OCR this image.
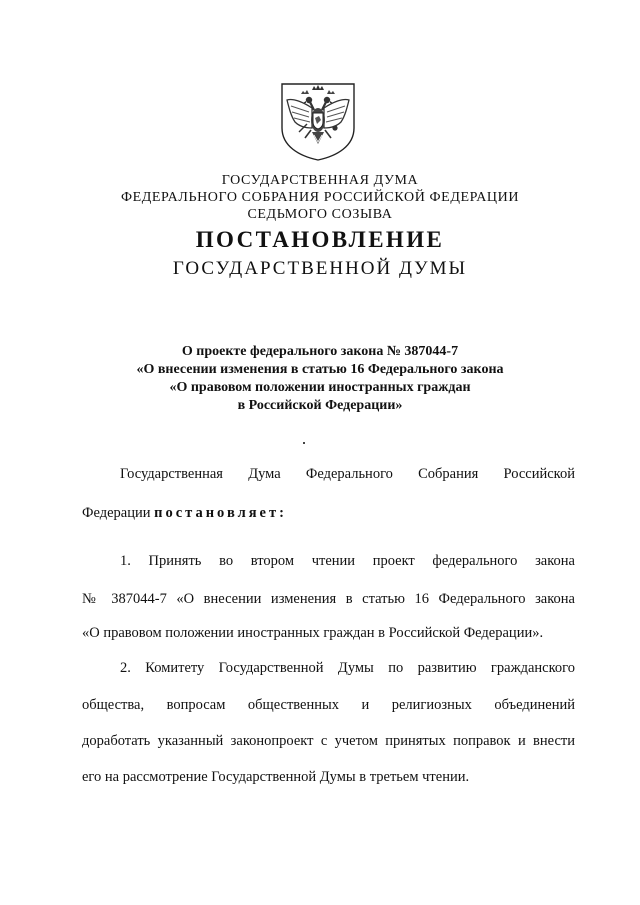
ГОСУДАРСТВЕННАЯ ДУМА
ФЕДЕРАЛЬНОГО СОБРАНИЯ РОССИЙСКОЙ ФЕДЕРАЦИИ
СЕДЬМОГО СОЗЫВА
ПОСТАНОВЛЕНИЕ
ГОСУДАРСТВЕННОЙ ДУМЫ
О проекте федерального закона № 387044-7
«О внесении изменения в статью 16 Федерального закона
«О правовом положении иностранных граждан
в Российской Федерации»
Государственная Дума Федерального Собрания Российской
Федерации постановляет:
1. Принять во втором чтении проект федерального закона
№ 387044-7 «О внесении изменения в статью 16 Федерального закона
«О правовом положении иностранных граждан в Российской Федерации».
2. Комитету Государственной Думы по развитию гражданского
общества, вопросам общественных и религиозных объединений
доработать указанный законопроект с учетом принятых поправок и внести
его на рассмотрение Государственной Думы в третьем чтении.
